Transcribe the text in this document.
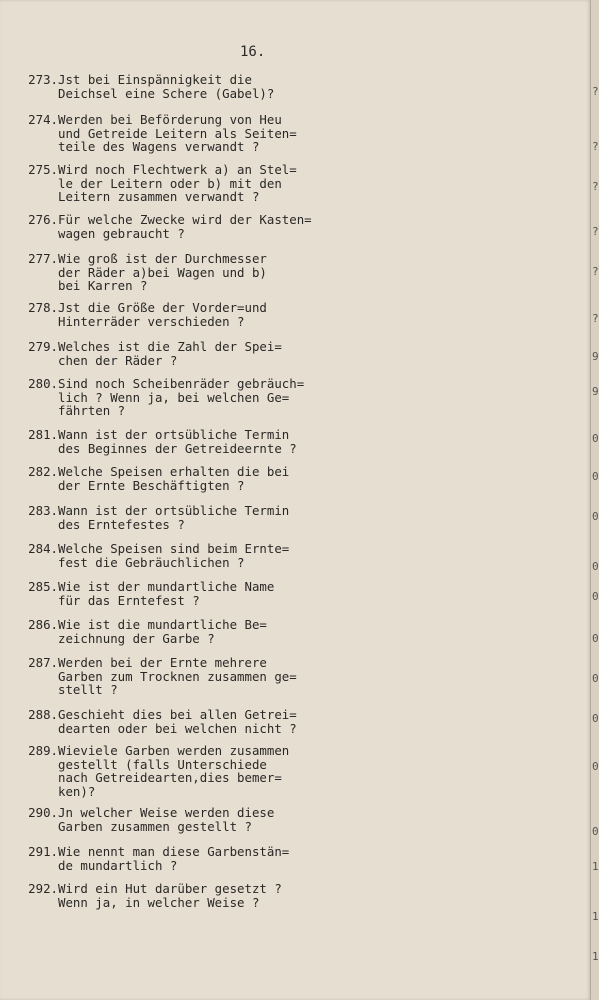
16.
273.Jst bei Einspännigkeit die
Deichsel eine Schere (Gabel)?
274.Werden bei Beförderung von Heu
und Getreide Leitern als Seiten=
teile des Wagens verwandt ?
275.Wird noch Flechtwerk a) an Stel=
le der Leitern oder b) mit den
Leitern zusammen verwandt ?
276.Für welche Zwecke wird der Kasten=
wagen gebraucht ?
277.Wie groß ist der Durchmesser
der Räder a)bei Wagen und b)
bei Karren ?
278.Jst die Größe der Vorder=und
Hinterräder verschieden ?
279.Welches ist die Zahl der Spei=
chen der Räder ?
280.Sind noch Scheibenräder gebräuch=
lich ? Wenn ja, bei welchen Ge=
fährten ?
281.Wann ist der ortsübliche Termin
des Beginnes der Getreideernte ?
282.Welche Speisen erhalten die bei
der Ernte Beschäftigten ?
283.Wann ist der ortsübliche Termin
des Erntefestes ?
284.Welche Speisen sind beim Ernte=
fest die Gebräuchlichen ?
285.Wie ist der mundartliche Name
für das Erntefest ?
286.Wie ist die mundartliche Be=
zeichnung der Garbe ?
287.Werden bei der Ernte mehrere
Garben zum Trocknen zusammen ge=
stellt ?
288.Geschieht dies bei allen Getrei=
dearten oder bei welchen nicht ?
289.Wieviele Garben werden zusammen
gestellt (falls Unterschiede
nach Getreidearten,dies bemer=
ken)?
290.Jn welcher Weise werden diese
Garben zusammen gestellt ?
291.Wie nennt man diese Garbenstän=
de mundartlich ?
292.Wird ein Hut darüber gesetzt ?
Wenn ja, in welcher Weise ?
?
?
?
?
?
?
9
9
0
0
0
0
0
0
0
0
0
0
1
1
1
